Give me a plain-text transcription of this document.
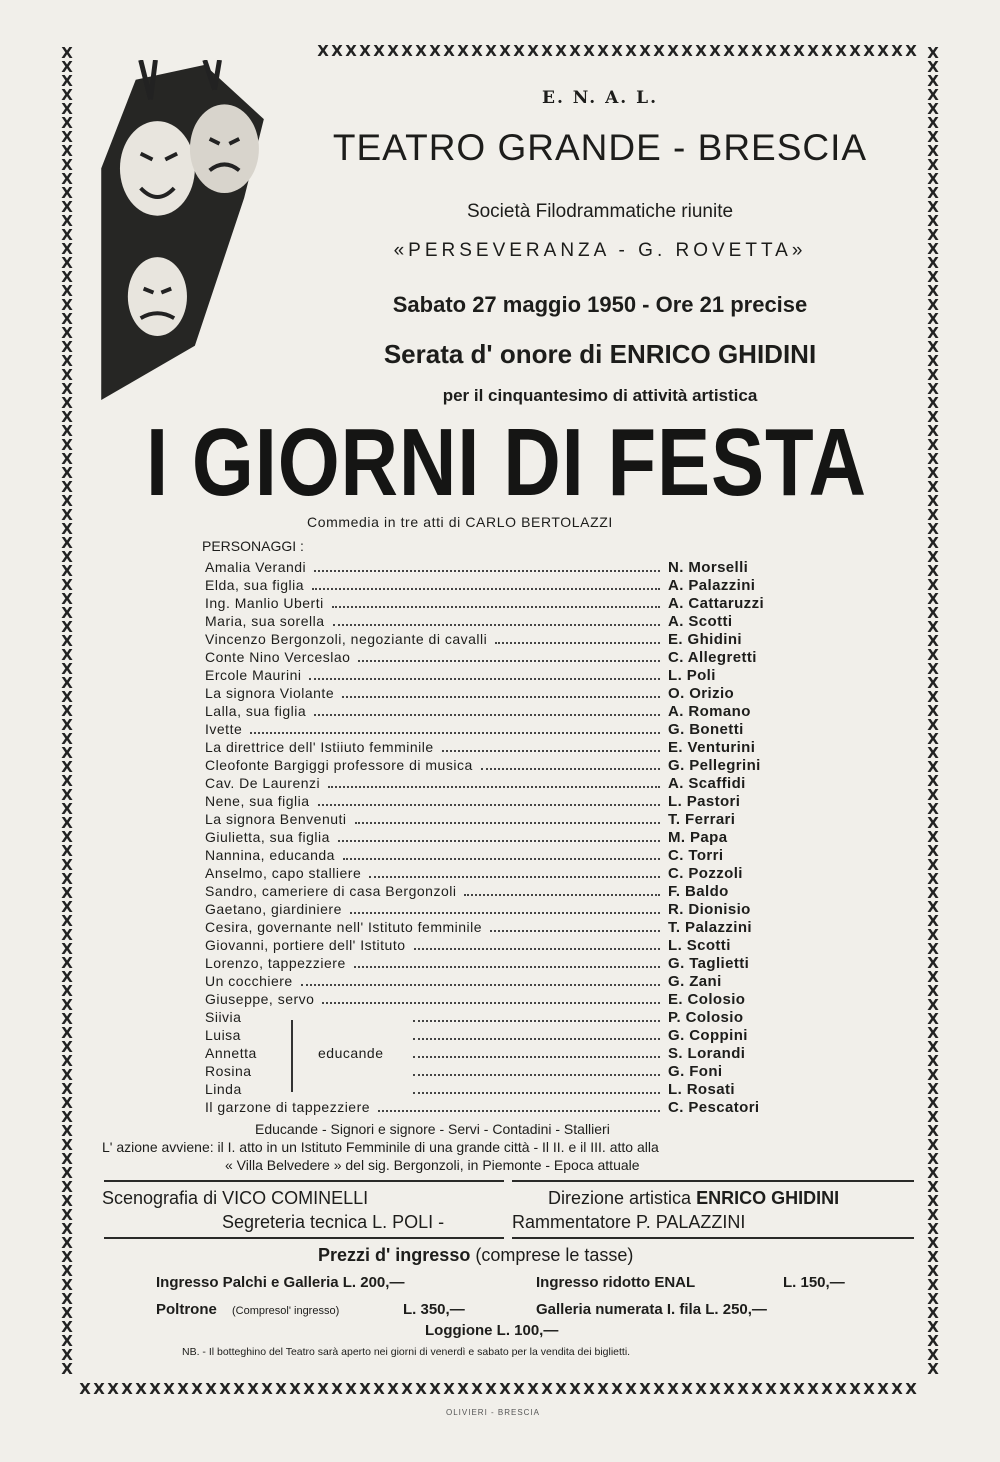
X X X X X X X X X X X X X X X X X X X X X X X X X X X X X X X X X X X X X X X X X X X
X X X X X X X X X X X X X X X X X X X X X X X X X X X X X X X X X X X X X X X X X X X X X X X X X X X X X X X X X X X X
X
X
X
X
X
X
X
X
X
X
X
X
X
X
X
X
X
X
X
X
X
X
X
X
X
X
X
X
X
X
X
X
X
X
X
X
X
X
X
X
X
X
X
X
X
X
X
X
X
X
X
X
X
X
X
X
X
X
X
X
X
X
X
X
X
X
X
X
X
X
X
X
X
X
X
X
X
X
X
X
X
X
X
X
X
X
X
X
X
X
X
X
X
X
X
X
X
X
X
X
X
X
X
X
X
X
X
X
X
X
X
X
X
X
X
X
X
X
X
X
X
X
X
X
X
X
X
X
X
X
X
X
X
X
X
X
X
X
X
X
X
X
X
X
X
X
X
X
X
X
X
X
X
X
X
X
X
X
X
X
X
X
X
X
X
X
X
X
X
X
X
X
X
X
X
X
X
X
X
X
X
X
X
X
X
X
X
X
X
X
E. N. A. L.
TEATRO GRANDE - BRESCIA
Società Filodrammatiche riunite
«PERSEVERANZA - G. ROVETTA»
Sabato 27 maggio 1950 - Ore 21 precise
Serata d' onore di ENRICO GHIDINI
per il cinquantesimo di attività artistica
I GIORNI DI FESTA
Commedia in tre atti di CARLO BERTOLAZZI
PERSONAGGI :
Amalia Verandi	N. Morselli
Elda, sua figlia	A. Palazzini
Ing. Manlio Uberti	A. Cattaruzzi
Maria, sua sorella	A. Scotti
Vincenzo Bergonzoli, negoziante di cavalli	E. Ghidini
Conte Nino Verceslao	C. Allegretti
Ercole Maurini	L. Poli
La signora Violante	O. Orizio
Lalla, sua figlia	A. Romano
Ivette	G. Bonetti
La direttrice dell' Istiiuto femminile	E. Venturini
Cleofonte Bargiggi professore di musica	G. Pellegrini
Cav. De Laurenzi	A. Scaffidi
Nene, sua figlia	L. Pastori
La signora Benvenuti	T. Ferrari
Giulietta, sua figlia	M. Papa
Nannina, educanda	C. Torri
Anselmo, capo stalliere	C. Pozzoli
Sandro, cameriere di casa Bergonzoli	F. Baldo
Gaetano, giardiniere	R. Dionisio
Cesira, governante nell' Istituto femminile	T. Palazzini
Giovanni, portiere dell' Istituto	L. Scotti
Lorenzo, tappezziere	G. Taglietti
Un cocchiere	G. Zani
Giuseppe, servo	E. Colosio
Siivia	P. Colosio
Luisa	G. Coppini
Annetta	S. Lorandi
Rosina	G. Foni
Linda	L. Rosati
Il garzone di tappezziere	C. Pescatori
educande
Educande - Signori e signore - Servi - Contadini - Stallieri
L' azione avviene: il I. atto in un Istituto Femminile di una grande città - Il II. e il III. atto alla
« Villa Belvedere » del sig. Bergonzoli, in Piemonte - Epoca attuale
Scenografia di VICO COMINELLI	Direzione artistica ENRICO GHIDINI
Segreteria tecnica L. POLI -	Rammentatore P. PALAZZINI
Prezzi d' ingresso (comprese le tasse)
Ingresso Palchi e Galleria L. 200,—	Ingresso ridotto ENAL	L. 150,—
Poltrone (Compresol' ingresso)	L. 350,—	Galleria numerata I. fila L. 250,—
Loggione L. 100,—
NB. - Il botteghino del Teatro sarà aperto nei giorni di venerdì e sabato per la vendita dei biglietti.
OLIVIERI - BRESCIA
